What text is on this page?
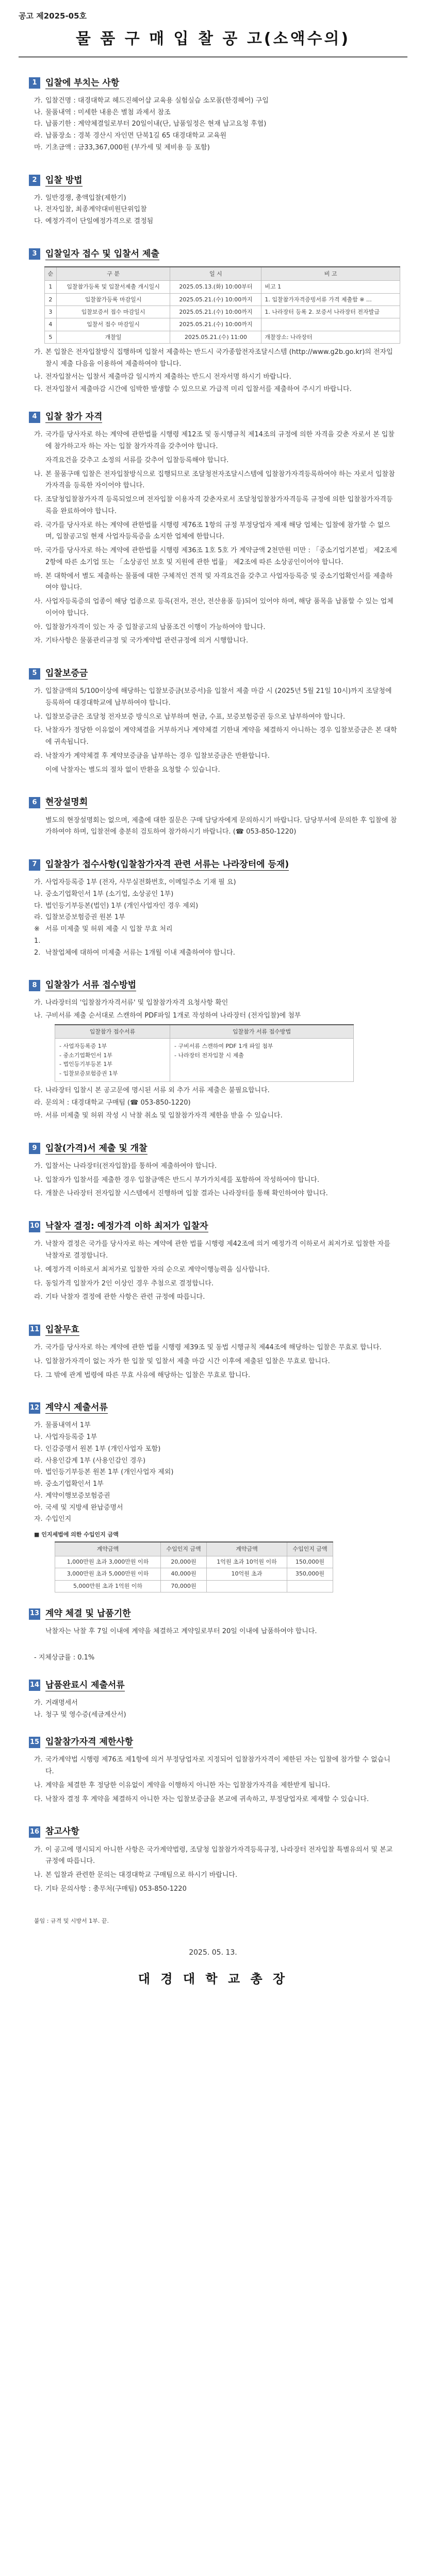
공고 제2025-05호
물 품 구 매 입 찰 공 고(소액수의)
1 입찰에 부치는 사항
가. 입찰건명 : 대경대학교 헤드진헤어샵 교육용 실험실습 소모품(한경헤어) 구입
나. 물품내역 : 미세한 내용은 별첨 과제서 참조
다. 납품기한 : 계약체결일로부터 20일이내(단, 납품일정은 현재 납고요청 후협)
라. 납품장소 : 경북 경산시 자인면 단북1길 65 대경대학교 교육원
마. 기초금액 : 금33,367,000원 (부가세 및 제비용 등 포함)
2 입찰 방법
가. 일반경쟁, 총액입찰(제한기)
나. 전자입찰, 최종계약대비원단위입찰
다. 예정가격이 단일예정가격으로 결정됨
3 입찰일자 접수 및 입찰서 제출
순	구 분	일 시	비 고
1	입찰참가등록 및 입찰서제출 개시일시	2025.05.13.(화) 10:00부터	비고 1
2	입찰참가등록 마감일시	2025.05.21.(수) 10:00까지	1. 입찰참가자격증빙서류 가격 제출함 ※ …
3	입찰보증서 접수 마감일시	2025.05.21.(수) 10:00까지	1. 나라장터 등록 2. 보증서 나라장터 전자발급
4	입찰서 접수 마감일시	2025.05.21.(수) 10:00까지	
5	개찰일	2025.05.21.(수) 11:00	개찰장소: 나라장터
가. 본 입찰은 전자입찰방식 집행하며 입찰서 제출하는 반드시 국가종합전자조달시스템 (http://www.g2b.go.kr)의 전자입찰시 제출 다음을 이용하여 제출하여야 합니다.
나. 전자입찰서는 입찰서 제출마감 일시까지 제출하는 반드시 전자서명 하시기 바랍니다.
다. 전자입찰서 제출마감 시간에 임박한 발생할 수 있으므로 가급적 미리 입찰서를 제출하여 주시기 바랍니다.
4 입찰 참가 자격
가. 국가를 당사자로 하는 계약에 관한법률 시행령 제12조 및 동시행규칙 제14조의 규정에 의한 자격을 갖춘 자로서 본 입찰에 참가하고자 하는 자는 입찰 참가자격을 갖추어야 합니다.
자격요건을 갖추고 소정의 서류를 갖추어 입찰등록해야 합니다.
나. 본 물품구매 입찰은 전자입찰방식으로 집행되므로 조달청전자조달시스템에 입찰참가자격등록하여야 하는 자로서 입찰참가자격을 등록한 자이어야 합니다.
다. 조달청입찰참가자격 등록되었으며 전자입찰 이용자격 갖춘자로서 조달청입찰참가자격등록 규정에 의한 입찰참가자격등록을 완료하여야 합니다.
라. 국가를 당사자로 하는 계약에 관한법률 시행령 제76조 1항의 규정 부정당업자 제재 해당 업체는 입찰에 참가할 수 없으며, 입찰공고일 현재 사업자등록증을 소지한 업체에 한합니다.
마. 국가를 당사자로 하는 계약에 관한법률 시행령 제36조 1호 5호 가 계약금액 2천만원 미만 : 「중소기업기본법」 제2조제2항에 따른 소기업 또는 「소상공인 보호 및 지원에 관한 법률」 제2조에 따른 소상공인이어야 합니다.
바. 본 대학에서 별도 제출하는 물품에 대한 구체적인 견적 및 자격요건을 갖추고 사업자등록증 및 중소기업확인서를 제출하여야 합니다.
사. 사업자등록증의 업종이 해당 업종으로 등록(전자, 전산, 전산용품 등)되어 있어야 하며, 해당 품목을 납품할 수 있는 업체이어야 합니다.
아. 입찰참가자격이 있는 자 중 입찰공고의 납품조건 이행이 가능하여야 합니다.
자. 기타사항은 물품관리규정 및 국가계약법 관련규정에 의거 시행합니다.
5 입찰보증금
가. 입찰금액의 5/100이상에 해당하는 입찰보증금(보증서)을 입찰서 제출 마감 시 (2025년 5월 21일 10시)까지 조달청에 등록하여 대경대학교에 납부하여야 합니다.
나. 입찰보증금은 조달청 전자보증 방식으로 납부하며 현금, 수표, 보증보험증권 등으로 납부하여야 합니다.
다. 낙찰자가 정당한 이유없이 계약체결을 거부하거나 계약체결 기한내 계약을 체결하지 아니하는 경우 입찰보증금은 본 대학에 귀속됩니다.
라. 낙찰자가 계약체결 후 계약보증금을 납부하는 경우 입찰보증금은 반환합니다.
이에 낙찰자는 별도의 절차 없이 반환을 요청할 수 있습니다.
6 현장설명회
별도의 현장설명회는 없으며, 제출에 대한 질문은 구매 담당자에게 문의하시기 바랍니다. 담당부서에 문의한 후 입찰에 참가하여야 하며, 입찰전에 충분히 검토하여 참가하시기 바랍니다. (☎ 053-850-1220)
7 입찰참가 접수사항(입찰참가자격 관련 서류는 나라장터에 등재)
가. 사업자등록증 1부 (전자, 사무실전화번호, 이메일주소 기재 필 요)
나. 중소기업확인서 1부 (소기업, 소상공인 1부)
다. 법인등기부등본(법인) 1부 (개인사업자인 경우 제외)
라. 입찰보증보험증권 원본 1부
※ 1.
서류 미제출 및 허위 제출 시 입찰 무효 처리
2. 낙찰업체에 대하여 미제출 서류는 1개월 이내 제출하여야 합니다.
8 입찰참가 서류 접수방법
가. 나라장터의 '입찰참가자격서류' 및 입찰참가자격 요청사항 확인
나. 구비서류 제출 순서대로 스캔하여 PDF파일 1개로 작성하여 나라장터 (전자입찰)에 첨부
입찰참가 접수서류	입찰참가 서류 접수방법
- 사업자등록증 1부
- 중소기업확인서 1부
- 법인등기부등본 1부
- 입찰보증보험증권 1부	- 구비서류 스캔하여 PDF 1개 파일 첨부
- 나라장터 전자입찰 시 제출
다. 나라장터 입찰시 본 공고문에 명시된 서류 외 추가 서류 제출은 불필요합니다.
라. 문의처 : 대경대학교 구매팀 (☎ 053-850-1220)
마. 서류 미제출 및 허위 작성 시 낙찰 취소 및 입찰참가자격 제한을 받을 수 있습니다.
9 입찰(가격)서 제출 및 개찰
가. 입찰서는 나라장터(전자입찰)를 통하여 제출하여야 합니다.
나. 입찰자가 입찰서를 제출한 경우 입찰금액은 반드시 부가가치세를 포함하여 작성하여야 합니다.
다. 개찰은 나라장터 전자입찰 시스템에서 진행하며 입찰 결과는 나라장터를 통해 확인하여야 합니다.
10 낙찰자 결정: 예정가격 이하 최저가 입찰자
가. 낙찰자 결정은 국가를 당사자로 하는 계약에 관한 법률 시행령 제42조에 의거 예정가격 이하로서 최저가로 입찰한 자를 낙찰자로 결정합니다.
나. 예정가격 이하로서 최저가로 입찰한 자의 순으로 계약이행능력을 심사합니다.
다. 동일가격 입찰자가 2인 이상인 경우 추첨으로 결정합니다.
라. 기타 낙찰자 결정에 관한 사항은 관련 규정에 따릅니다.
11 입찰무효
가. 국가를 당사자로 하는 계약에 관한 법률 시행령 제39조 및 동법 시행규칙 제44조에 해당하는 입찰은 무효로 합니다.
나. 입찰참가자격이 없는 자가 한 입찰 및 입찰서 제출 마감 시간 이후에 제출된 입찰은 무효로 합니다.
다. 그 밖에 관계 법령에 따른 무효 사유에 해당하는 입찰은 무효로 합니다.
12 계약시 제출서류
가. 물품내역서 1부
나. 사업자등록증 1부
다. 인감증명서 원본 1부 (개인사업자 포함)
라. 사용인감계 1부 (사용인감인 경우)
마. 법인등기부등본 원본 1부 (개인사업자 제외)
바. 중소기업확인서 1부
사. 계약이행보증보험증권
아. 국세 및 지방세 완납증명서
자. 수입인지
■ 인지세법에 의한 수입인지 금액
계약금액	수입인지 금액	계약금액	수입인지 금액
1,000만원 초과 3,000만원 이하	20,000원	1억원 초과 10억원 이하	150,000원
3,000만원 초과 5,000만원 이하	40,000원	10억원 초과	350,000원
5,000만원 초과 1억원 이하	70,000원		
13 계약 체결 및 납품기한
낙찰자는 낙찰 후 7일 이내에 계약을 체결하고 계약일로부터 20일 이내에 납품하여야 합니다.
- 지체상금률 : 0.1%
14 납품완료시 제출서류
가. 거래명세서
나. 청구 및 영수증(세금계산서)
15 입찰참가자격 제한사항
가. 국가계약법 시행령 제76조 제1항에 의거 부정당업자로 지정되어 입찰참가자격이 제한된 자는 입찰에 참가할 수 없습니다.
나. 계약을 체결한 후 정당한 이유없이 계약을 이행하지 아니한 자는 입찰참가자격을 제한받게 됩니다.
다. 낙찰자 결정 후 계약을 체결하지 아니한 자는 입찰보증금을 본교에 귀속하고, 부정당업자로 제재할 수 있습니다.
16 참고사항
가. 이 공고에 명시되지 아니한 사항은 국가계약법령, 조달청 입찰참가자격등록규정, 나라장터 전자입찰 특별유의서 및 본교 규정에 따릅니다.
나. 본 입찰과 관련한 문의는 대경대학교 구매팀으로 하시기 바랍니다.
다. 기타 문의사항 : 총무처(구매팀) 053-850-1220
붙임 : 규격 및 시방서 1부. 끝.
2025. 05. 13.
대 경 대 학 교 총 장
